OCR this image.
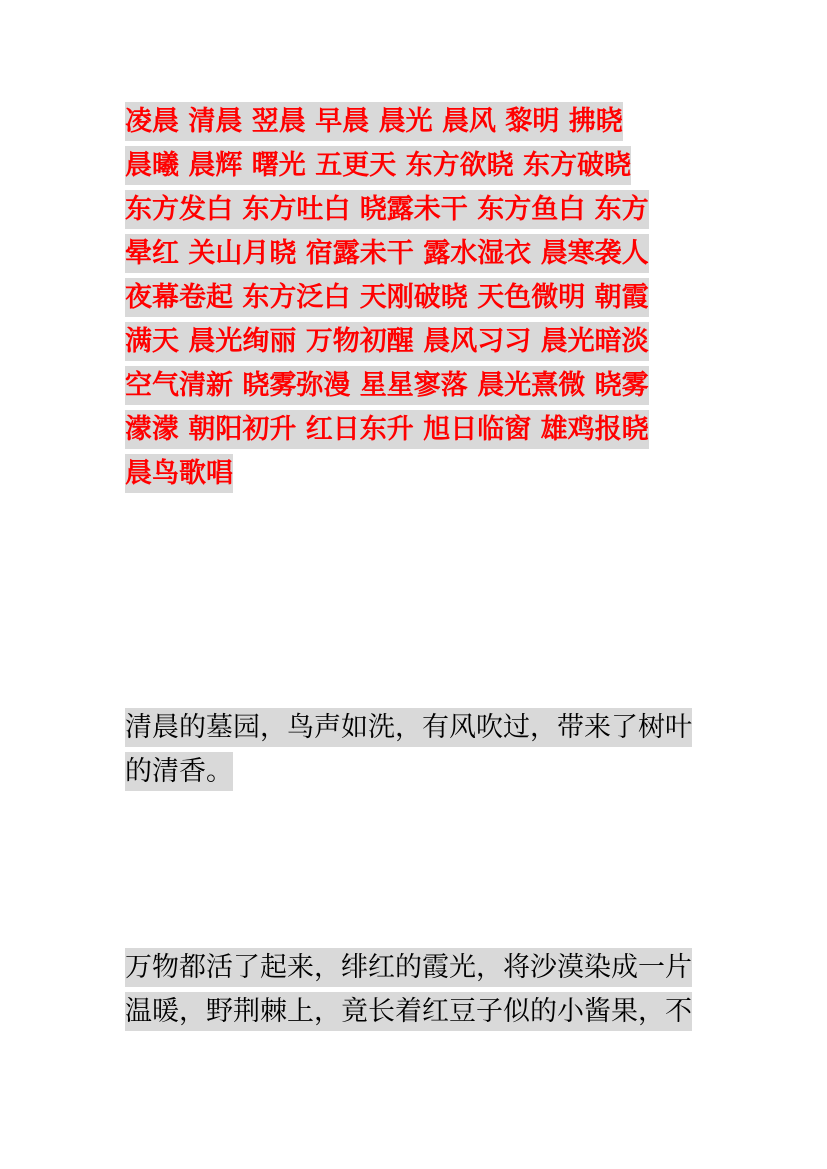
凌晨 清晨 翌晨 早晨 晨光 晨风 黎明 拂晓
晨曦 晨辉 曙光 五更天 东方欲晓 东方破晓
东方发白 东方吐白 晓露未干 东方鱼白 东方
晕红 关山月晓 宿露未干 露水湿衣 晨寒袭人
夜幕卷起 东方泛白 天刚破晓 天色微明 朝霞
满天 晨光绚丽 万物初醒 晨风习习 晨光暗淡
空气清新 晓雾弥漫 星星寥落 晨光熹微 晓雾
濛濛 朝阳初升 红日东升 旭日临窗 雄鸡报晓
晨鸟歌唱
清晨的墓园，鸟声如洗，有风吹过，带来了树叶
的清香。
万物都活了起来，绯红的霞光，将沙漠染成一片
温暖，野荆棘上，竟长着红豆子似的小酱果，不
